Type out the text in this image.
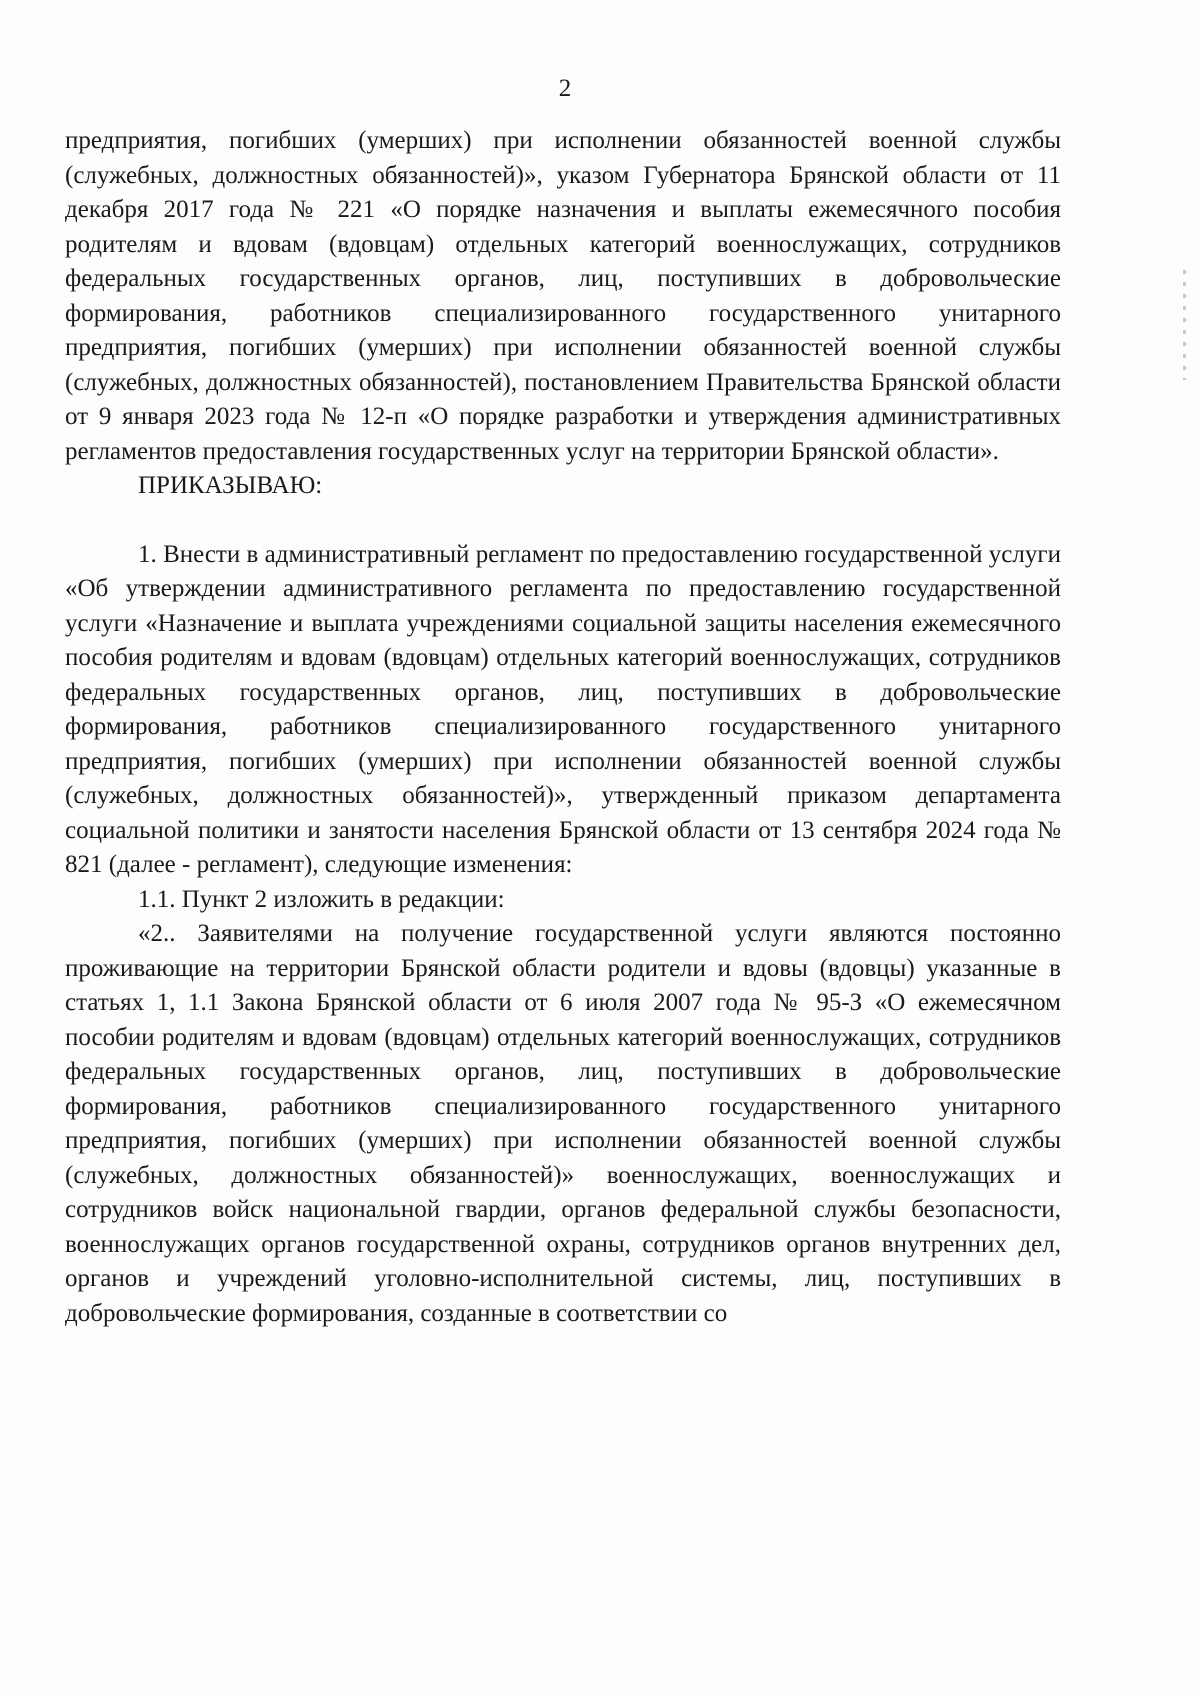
2

предприятия, погибших (умерших) при исполнении обязанностей военной службы (служебных, должностных обязанностей)», указом Губернатора Брянской области от 11 декабря 2017 года № 221 «О порядке назначения и выплаты ежемесячного пособия родителям и вдовам (вдовцам) отдельных категорий военнослужащих, сотрудников федеральных государственных органов, лиц, поступивших в добровольческие формирования, работников специализированного государственного унитарного предприятия, погибших (умерших) при исполнении обязанностей военной службы (служебных, должностных обязанностей), постановлением Правительства Брянской области от 9 января 2023 года № 12-п «О порядке разработки и утверждения административных регламентов предоставления государственных услуг на территории Брянской области».

ПРИКАЗЫВАЮ:

1. Внести в административный регламент по предоставлению государственной услуги «Об утверждении административного регламента по предоставлению государственной услуги «Назначение и выплата учреждениями социальной защиты населения ежемесячного пособия родителям и вдовам (вдовцам) отдельных категорий военнослужащих, сотрудников федеральных государственных органов, лиц, поступивших в добровольческие формирования, работников специализированного государственного унитарного предприятия, погибших (умерших) при исполнении обязанностей военной службы (служебных, должностных обязанностей)», утвержденный приказом департамента социальной политики и занятости населения Брянской области от 13 сентября 2024 года № 821 (далее - регламент), следующие изменения:

1.1. Пункт 2 изложить в редакции:

«2.. Заявителями на получение государственной услуги являются постоянно проживающие на территории Брянской области родители и вдовы (вдовцы) указанные в статьях 1, 1.1 Закона Брянской области от 6 июля 2007 года № 95-З «О ежемесячном пособии родителям и вдовам (вдовцам) отдельных категорий военнослужащих, сотрудников федеральных государственных органов, лиц, поступивших в добровольческие формирования, работников специализированного государственного унитарного предприятия, погибших (умерших) при исполнении обязанностей военной службы (служебных, должностных обязанностей)» военнослужащих, военнослужащих и сотрудников войск национальной гвардии, органов федеральной службы безопасности, военнослужащих органов государственной охраны, сотрудников органов внутренних дел, органов и учреждений уголовно-исполнительной системы, лиц, поступивших в добровольческие формирования, созданные в соответствии со
